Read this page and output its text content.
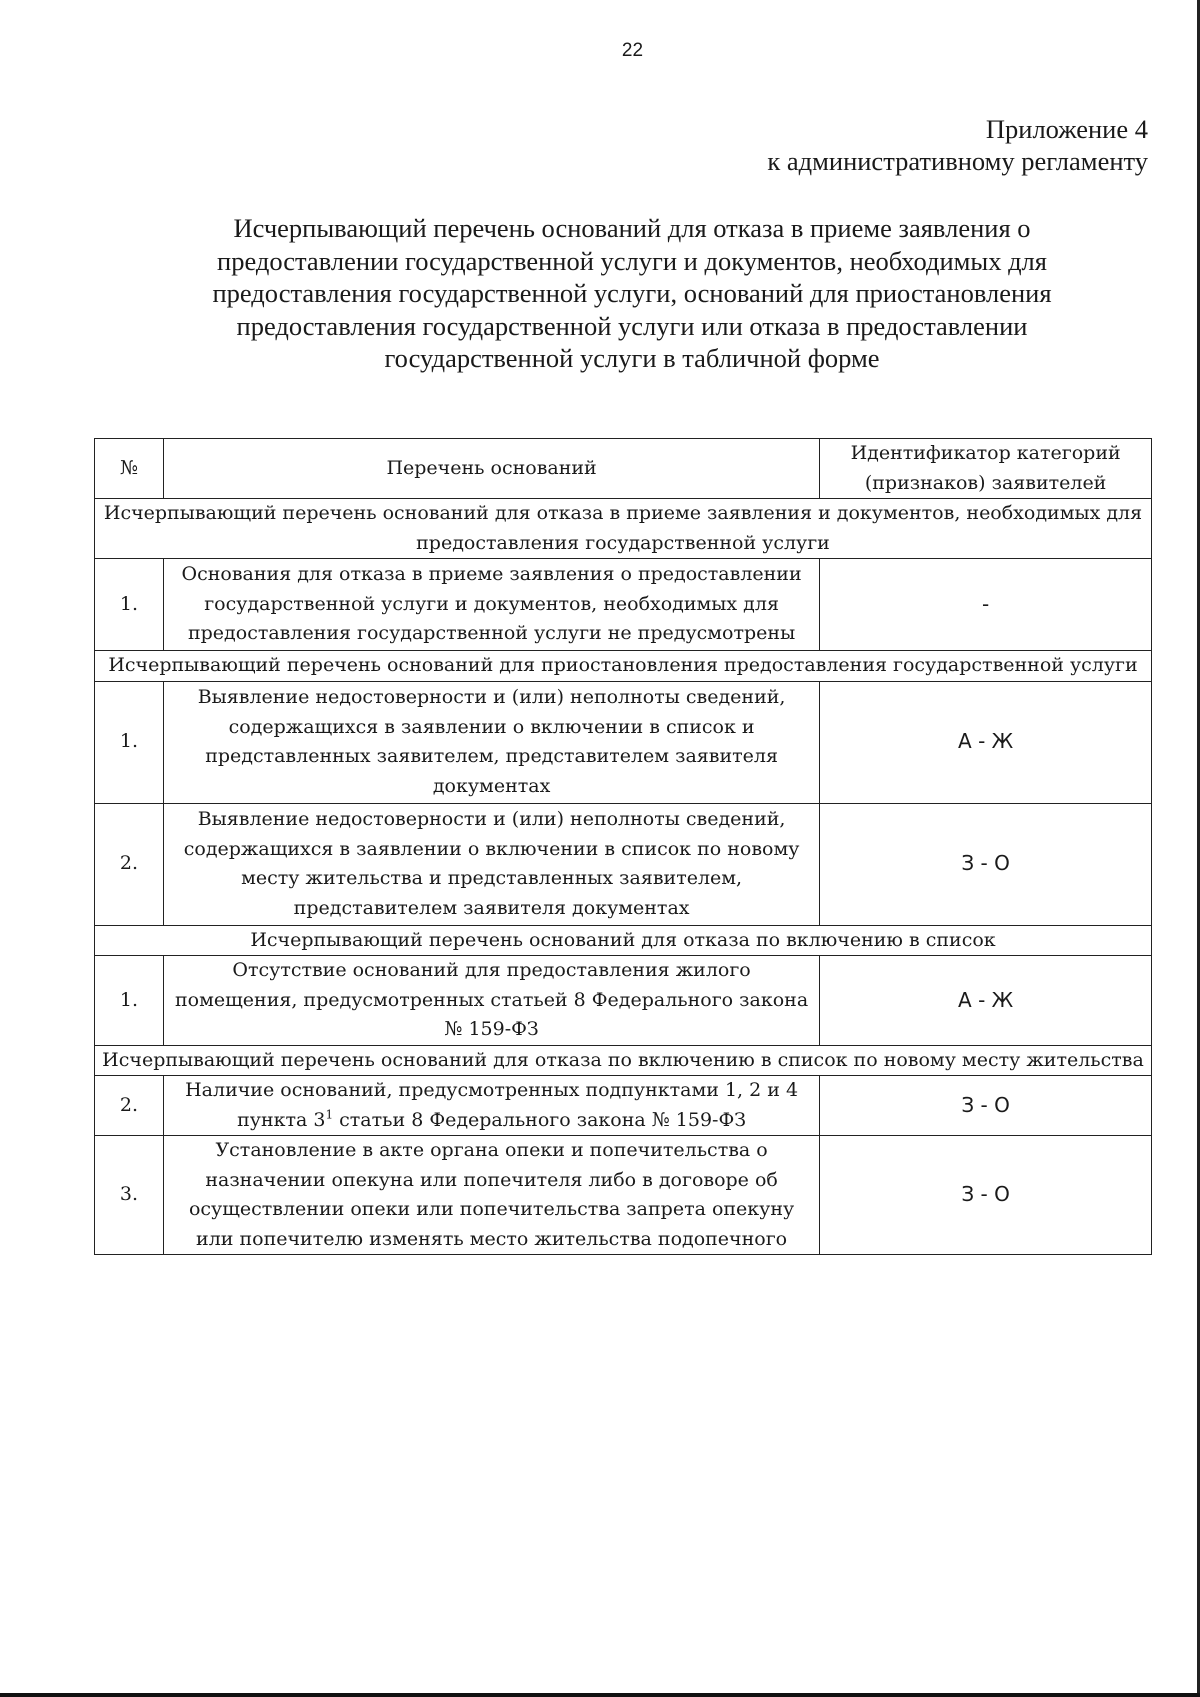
22
Приложение 4
к административному регламенту
Исчерпывающий перечень оснований для отказа в приеме заявления о предоставлении государственной услуги и документов, необходимых для предоставления государственной услуги, оснований для приостановления предоставления государственной услуги или отказа в предоставлении государственной услуги в табличной форме
№	Перечень оснований	Идентификатор категорий (признаков) заявителей
Исчерпывающий перечень оснований для отказа в приеме заявления и документов, необходимых для предоставления государственной услуги		
1.	Основания для отказа в приеме заявления о предоставлении государственной услуги и документов, необходимых для предоставления государственной услуги не предусмотрены	-
Исчерпывающий перечень оснований для приостановления предоставления государственной услуги		
1.	Выявление недостоверности и (или) неполноты сведений, содержащихся в заявлении о включении в список и представленных заявителем, представителем заявителя документах	А - Ж
2.	Выявление недостоверности и (или) неполноты сведений, содержащихся в заявлении о включении в список по новому месту жительства и представленных заявителем, представителем заявителя документах	З - О
Исчерпывающий перечень оснований для отказа по включению в список		
1.	Отсутствие оснований для предоставления жилого помещения, предусмотренных статьей 8 Федерального закона № 159-ФЗ	А - Ж
Исчерпывающий перечень оснований для отказа по включению в список по новому месту жительства		
2.	Наличие оснований, предусмотренных подпунктами 1, 2 и 4 пункта $3^1$ статьи 8 Федерального закона № 159-ФЗ	З - О
3.	Установление в акте органа опеки и попечительства о назначении опекуна или попечителя либо в договоре об осуществлении опеки или попечительства запрета опекуну или попечителю изменять место жительства подопечного	З - О
